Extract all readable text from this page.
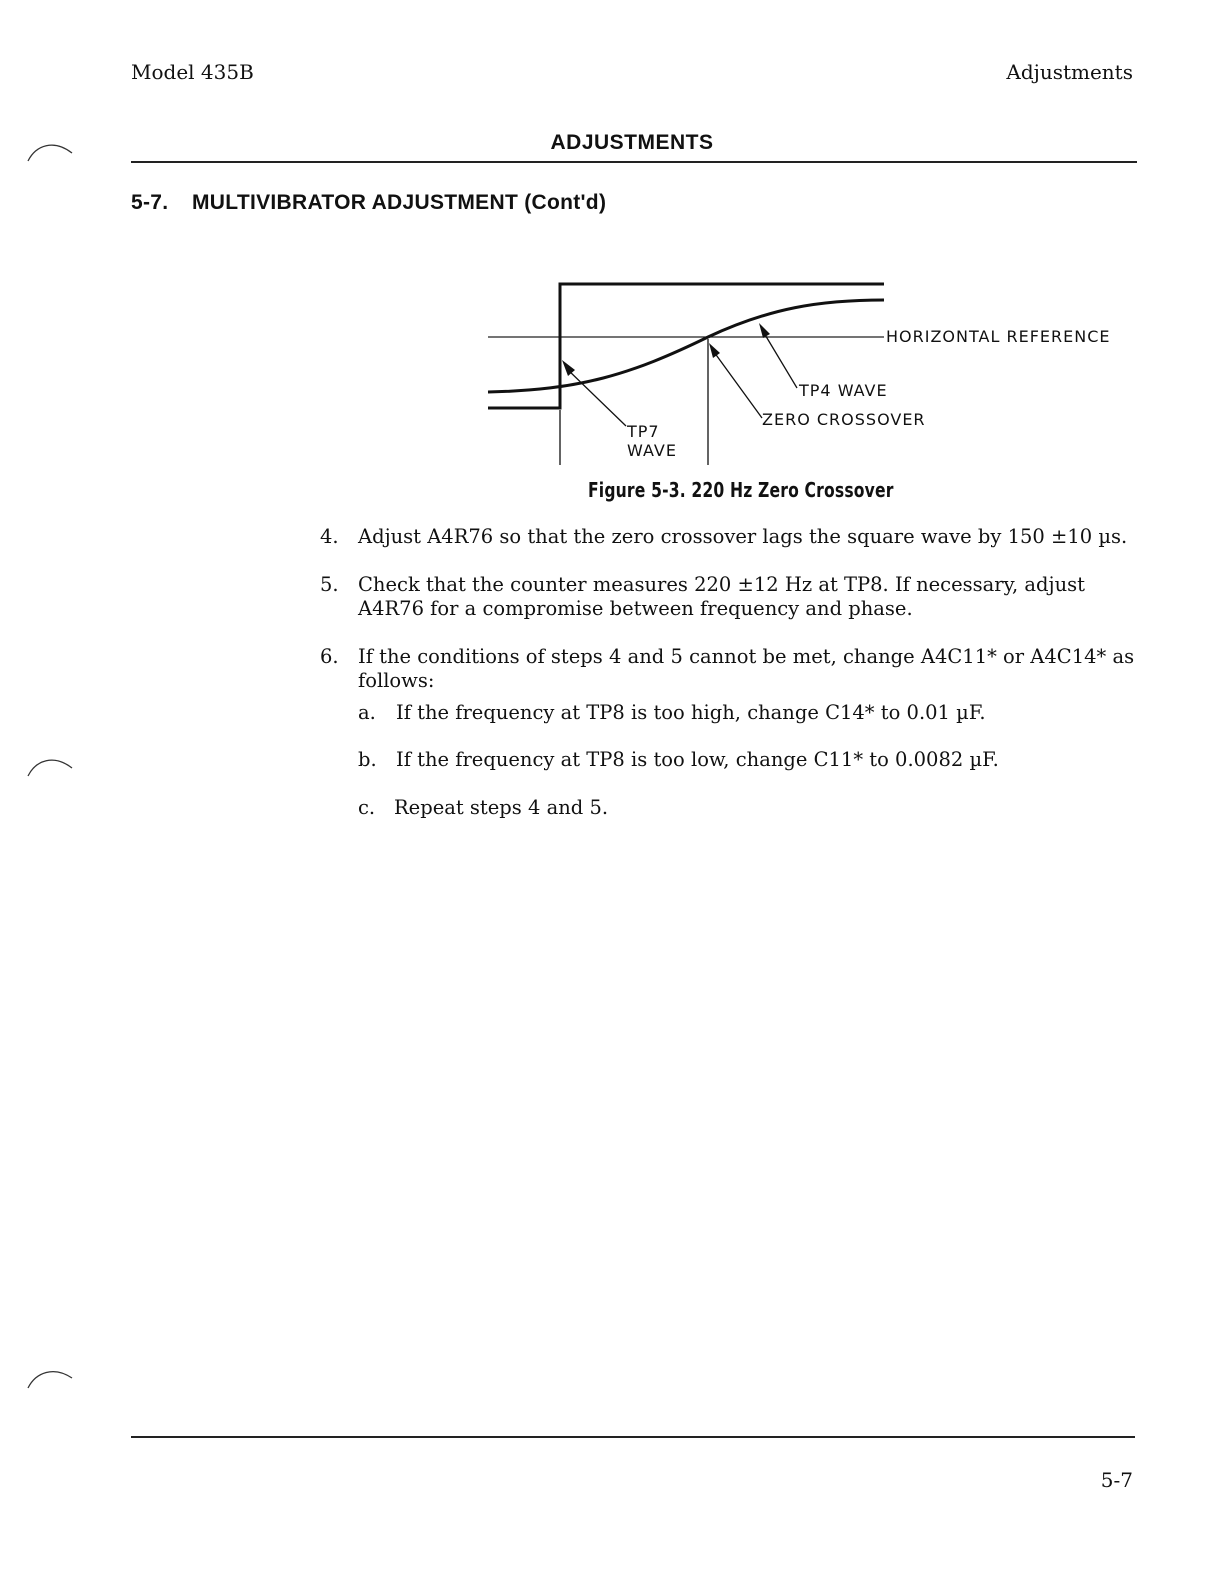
Model 435B	Adjustments
ADJUSTMENTS
5-7. MULTIVIBRATOR ADJUSTMENT (Cont'd)
HORIZONTAL REFERENCE
TP4 WAVE
ZERO CROSSOVER
TP7
WAVE
Figure 5-3. 220 Hz Zero Crossover
4. Adjust A4R76 so that the zero crossover lags the square wave by 150 ±10 µs.
5. Check that the counter measures 220 ±12 Hz at TP8. If necessary, adjust A4R76 for a compromise between frequency and phase.
6. If the conditions of steps 4 and 5 cannot be met, change A4C11* or A4C14* as follows:
a. If the frequency at TP8 is too high, change C14* to 0.01 µF.
b. If the frequency at TP8 is too low, change C11* to 0.0082 µF.
c. Repeat steps 4 and 5.
5-7
